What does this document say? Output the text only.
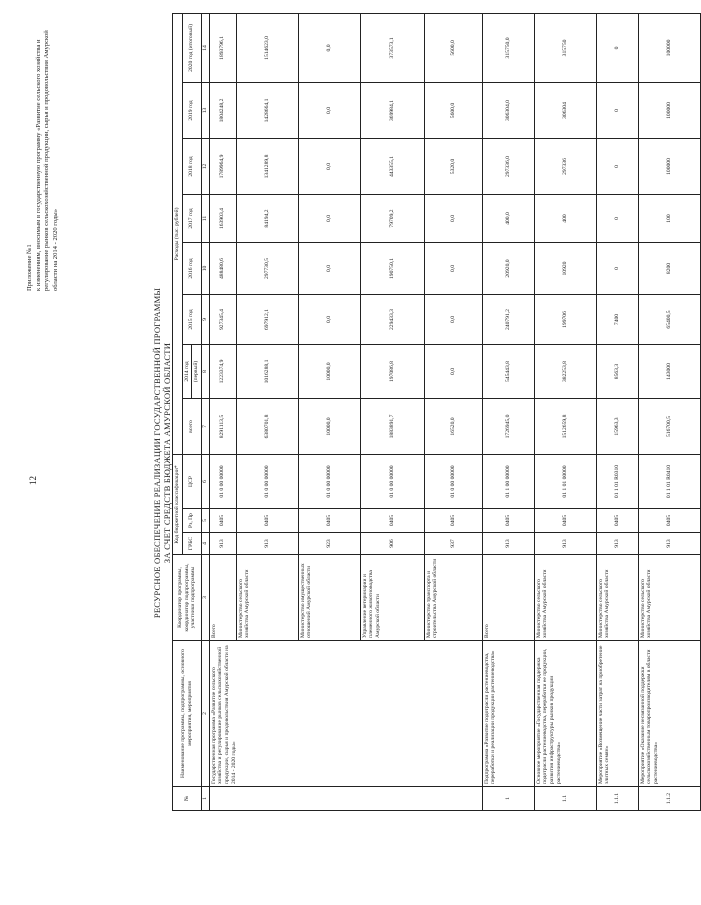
12
Приложение №1 к изменениям, вносимым в государственную программу «Развитие сельского хозяйства и регулирование рынков сельскохозяйственной продукции, сырья и продовольствия Амурской области на 2014 - 2020 годы»
РЕСУРСНОЕ ОБЕСПЕЧЕНИЕ РЕАЛИЗАЦИИ ГОСУДАРСТВЕННОЙ ПРОГРАММЫ ЗА СЧЕТ СРЕДСТВ БЮДЖЕТА АМУРСКОЙ ОБЛАСТИ
№	Наименование программы, подпрограммы, основного мероприятия, мероприятия	Координатор программы, координатор подпрограммы, участники подпрограммы	Код бюджетной классификации*			Расходы (тыс. рублей)							
			ГРБС	Рз, Пр	ЦСР	всего	2014 год	2015 год	2016 год	2017 год	2018 год	2019 год	2020 год (итоговый)
							(первый)						
1	2	3	4	5	6	7	8	9	10	11	12	13	14
	Государственная программа «Развитие сельского хозяйства и регулирование рынков сельскохозяйственной продукции, сырья и продовольствия Амурской области на 2014 - 2020 годы»	Всего	913	0405	01 0 00 00000	8291113,5	1223374,9	927345,4	488480,6	163903,4	1789964,9	1804248,2	1893796,1
		Министерство сельского хозяйства Амурской области	913	0405	01 0 00 00000	6380701,8	1016288,1	697912,1	297730,5	84194,2	1341289,8	1428664,1	1514623,0
		Министерство имущественных отношений Амурской области	923	0405	01 0 00 00000	10000,0	10000,0	0,0	0,0	0,0	0,0	0,0	0,0
		Управление ветеринарии и племенного животноводства Амурской области	906	0405	01 0 00 00000	1883891,7	197086,8	229433,3	190750,1	79709,2	443355,1	369984,1	373573,1
		Министерство транспорта и строительства Амурской области	937	0405	01 0 00 00000	16520,0	0,0	0,0	0,0	0,0	5320,0	5600,0	5600,0
1	Подпрограмма «Развитие подотрасли растениеводства, переработки и реализации продукции растениеводства»	Всего	913	0405	01 1 00 00000	1726945,0	545443,8	240791,2	20920,0	400,0	297336,0	306304,0	315750,0
1.1	Основное мероприятие «Государственная поддержка подотрасли растениеводства, переработки ее продукции, развития инфраструктуры рынков продукции растениеводства»	Министерство сельского хозяйства Амурской области	913	0405	01 1 01 00000	1512659,8	382253,8	199706	10920	400	297336	306304	315750
1.1.1	Мероприятие «Возмещение части затрат на приобретение элитных семян»	Министерство сельского хозяйства Амурской области	913	0405	01 1 01 R0310	15963,3	8563,3	7400	0	0	0	0	0
1.1.2	Мероприятие «Оказание несвязанной поддержки сельскохозяйственным товаропроизводителям в области растениеводства»	Министерство сельского хозяйства Амурской области	913	0405	01 1 01 R0410	516700,5	143000	65400,5	8200	100	100000	100000	100000
